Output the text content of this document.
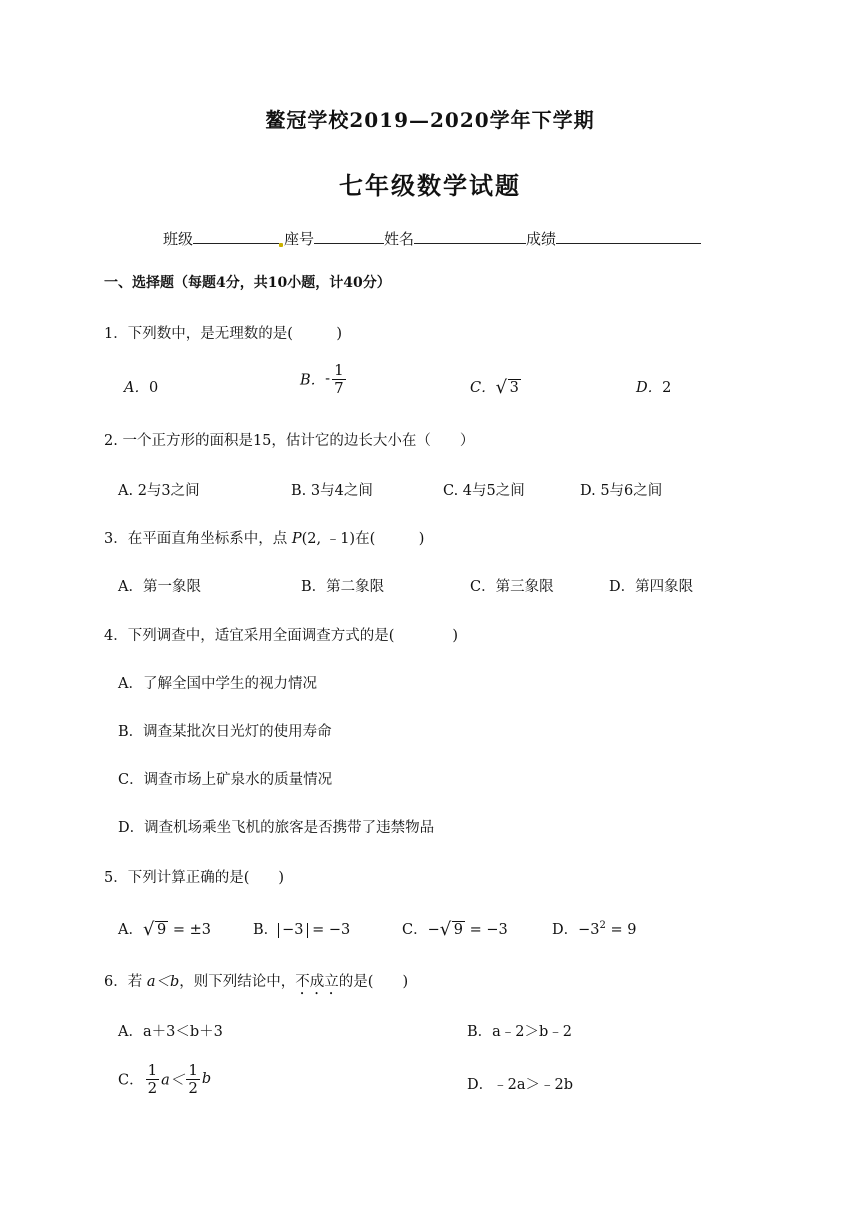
鳌冠学校2019—2020学年下学期
七年级数学试题
班级	座号	姓名	成绩
一、选择题（每题4分，共10小题，计40分）
1．下列数中，是无理数的是(　　　)
A．0	B．- $\frac{1}{7}$	C． √ 3	D．2
2. 一个正方形的面积是15，估计它的边长大小在（　　）
A. 2与3之间	B. 3与4之间	C. 4与5之间	D. 5与6之间
3．在平面直角坐标系中，点 P(2, ﹣1)在(　　　)
A．第一象限	B．第二象限	C．第三象限	D．第四象限
4．下列调查中，适宜采用全面调查方式的是(　　　　)
A．了解全国中学生的视力情况
B．调查某批次日光灯的使用寿命
C．调查市场上矿泉水的质量情况
D．调查机场乘坐飞机的旅客是否携带了违禁物品
5．下列计算正确的是(　　)
A． √ 9 = ±3	B． −3 = −3	C．− √ 9 = −3	D．$-3^2 = 9$
6．若 a＜b，则下列结论中，不成立的是(　　)
A．a＋3＜b＋3	B．a﹣2＞b﹣2
C． $\frac{1}{2} a< \frac{1}{2}$ b	D．﹣2a＞﹣2b
